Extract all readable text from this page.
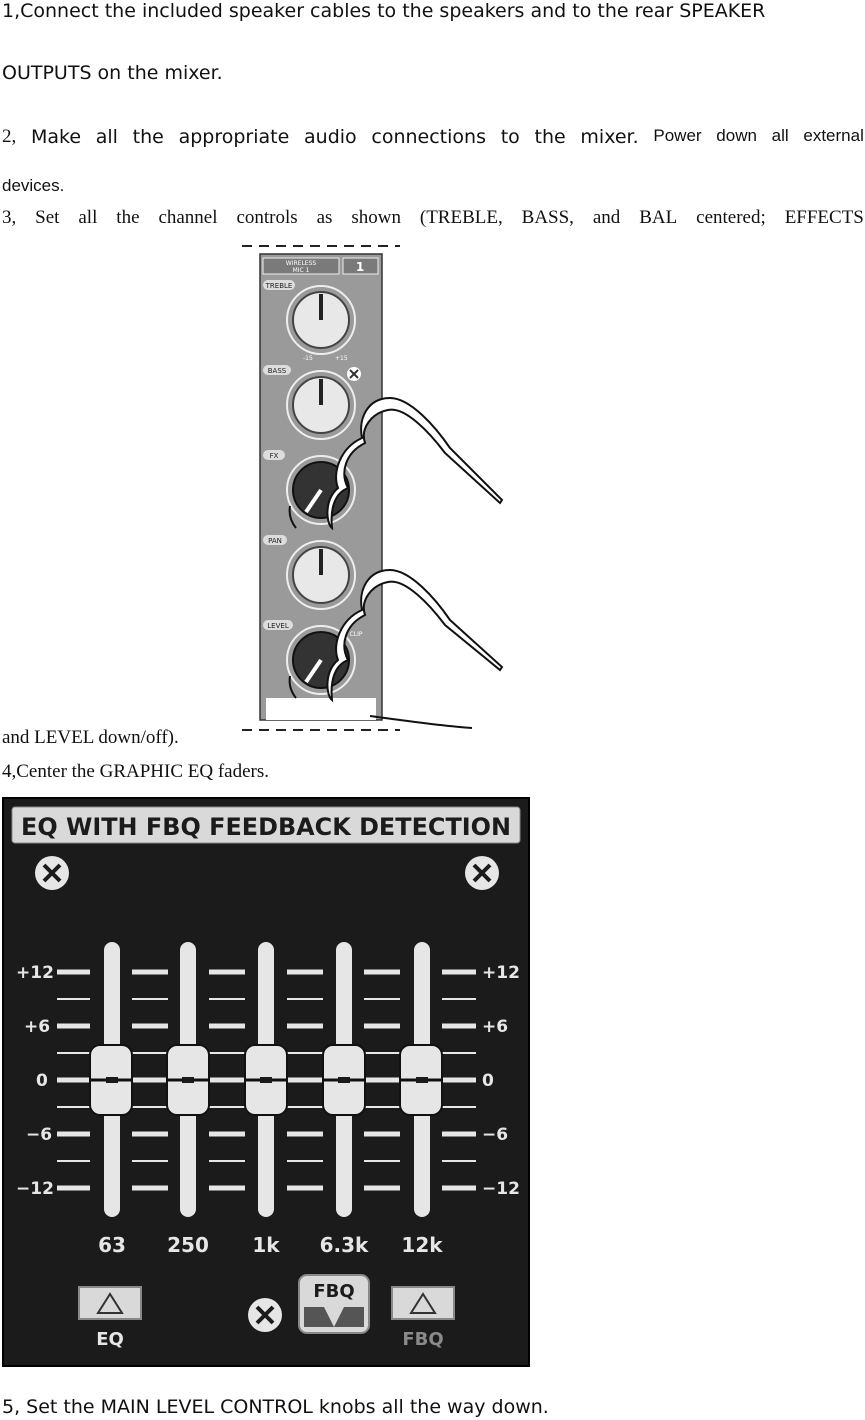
1,Connect the included speaker cables to the speakers and to the rear SPEAKER
OUTPUTS on the mixer.
2, Make all the appropriate audio connections to the mixer. Power down all external
devices.
3, Set all the channel controls as shown (TREBLE, BASS, and BAL centered; EFFECTS
WIRELESS
MIC 1	1
TREBLE
BASS
FX
PAN
LEVEL
CLIP
-15	+15
and LEVEL down/off).
4,Center the GRAPHIC EQ faders.
EQ WITH FBQ FEEDBACK DETECTION
+12
+6
0
−6
−12
+12
+6
0
−6
−12
63 250 1k 6.3k 12k
EQ
FBQ
FBQ
5, Set the MAIN LEVEL CONTROL knobs all the way down.
